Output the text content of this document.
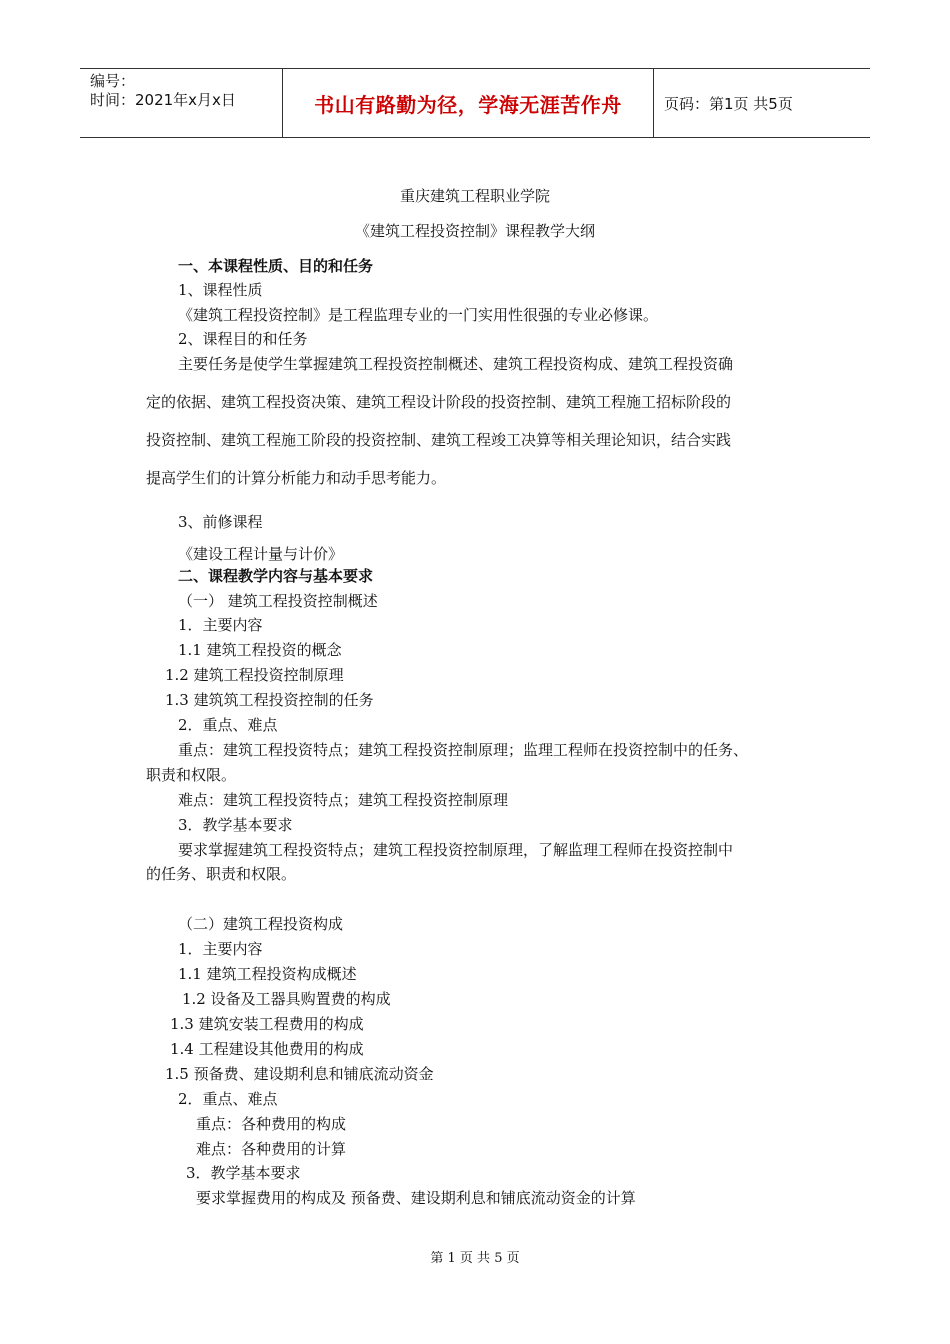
编号：
时间：2021年x月x日	书山有路勤为径，学海无涯苦作舟	页码：第1页 共5页
重庆建筑工程职业学院
《建筑工程投资控制》课程教学大纲
一、本课程性质、目的和任务
1、课程性质
《建筑工程投资控制》是工程监理专业的一门实用性很强的专业必修课。
2、课程目的和任务
主要任务是使学生掌握建筑工程投资控制概述、建筑工程投资构成、建筑工程投资确
定的依据、建筑工程投资决策、建筑工程设计阶段的投资控制、建筑工程施工招标阶段的
投资控制、建筑工程施工阶段的投资控制、建筑工程竣工决算等相关理论知识，结合实践
提高学生们的计算分析能力和动手思考能力。
3、前修课程
《建设工程计量与计价》
二、课程教学内容与基本要求
（一） 建筑工程投资控制概述
1．主要内容
1.1 建筑工程投资的概念
1.2 建筑工程投资控制原理
1.3 建筑筑工程投资控制的任务
2．重点、难点
重点：建筑工程投资特点；建筑工程投资控制原理；监理工程师在投资控制中的任务、
职责和权限。
难点：建筑工程投资特点；建筑工程投资控制原理
3．教学基本要求
要求掌握建筑工程投资特点；建筑工程投资控制原理，了解监理工程师在投资控制中
的任务、职责和权限。
（二）建筑工程投资构成
1．主要内容
1.1 建筑工程投资构成概述
1.2 设备及工器具购置费的构成
1.3 建筑安装工程费用的构成
1.4 工程建设其他费用的构成
1.5 预备费、建设期利息和铺底流动资金
2．重点、难点
重点：各种费用的构成
难点：各种费用的计算
3．教学基本要求
要求掌握费用的构成及 预备费、建设期利息和铺底流动资金的计算
第 1 页 共 5 页
